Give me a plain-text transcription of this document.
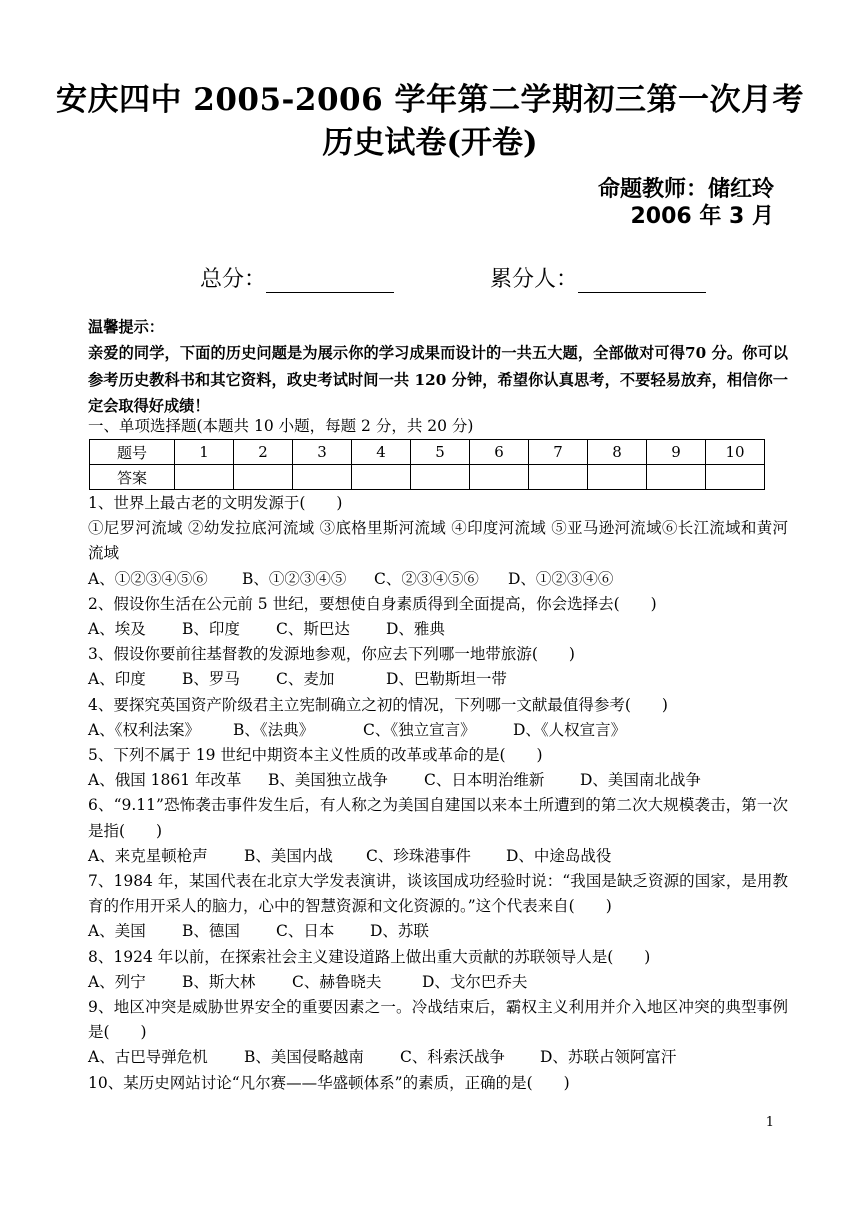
安庆四中 2005-2006 学年第二学期初三第一次月考
历史试卷(开卷)
命题教师：储红玲
2006 年 3 月
总分：	累分人：
温馨提示：
亲爱的同学，下面的历史问题是为展示你的学习成果而设计的一共五大题，全部做对可得70 分。你可以参考历史教科书和其它资料，政史考试时间一共 120 分钟，希望你认真思考，不要轻易放弃，相信你一定会取得好成绩！
一、单项选择题(本题共 10 小题，每题 2 分，共 20 分)
题号	1	2	3	4	5	6	7	8	9	10
答案										
1、世界上最古老的文明发源于(　　)
①尼罗河流域 ②幼发拉底河流域 ③底格里斯河流域 ④印度河流域 ⑤亚马逊河流域⑥长江流域和黄河流域
A、①②③④⑤⑥ B、①②③④⑤ C、②③④⑤⑥ D、①②③④⑥
2、假设你生活在公元前 5 世纪，要想使自身素质得到全面提高，你会选择去(　　)
A、埃及 B、印度 C、斯巴达 D、雅典
3、假设你要前往基督教的发源地参观，你应去下列哪一地带旅游(　　)
A、印度 B、罗马 C、麦加	D、巴勒斯坦一带
4、要探究英国资产阶级君主立宪制确立之初的情况，下列哪一文献最值得参考(　　)
A、《权利法案》 B、《法典》	C、《独立宣言》 D、《人权宣言》
5、下列不属于 19 世纪中期资本主义性质的改革或革命的是(　　)
A、俄国 1861 年改革 B、美国独立战争 C、日本明治维新 D、美国南北战争
6、“9.11”恐怖袭击事件发生后，有人称之为美国自建国以来本土所遭到的第二次大规模袭击，第一次是指(　　)
A、来克星顿枪声 B、美国内战 C、珍珠港事件 D、中途岛战役
7、1984 年，某国代表在北京大学发表演讲，谈该国成功经验时说：“我国是缺乏资源的国家，是用教育的作用开采人的脑力，心中的智慧资源和文化资源的。”这个代表来自(　　)
A、美国 B、德国 C、日本 D、苏联
8、1924 年以前，在探索社会主义建设道路上做出重大贡献的苏联领导人是(　　)
A、列宁 B、斯大林 C、赫鲁晓夫	D、戈尔巴乔夫
9、地区冲突是威胁世界安全的重要因素之一。冷战结束后，霸权主义利用并介入地区冲突的典型事例是(　　)
A、古巴导弹危机 B、美国侵略越南 C、科索沃战争 D、苏联占领阿富汗
10、某历史网站讨论“凡尔赛——华盛顿体系”的素质，正确的是(　　)
1
